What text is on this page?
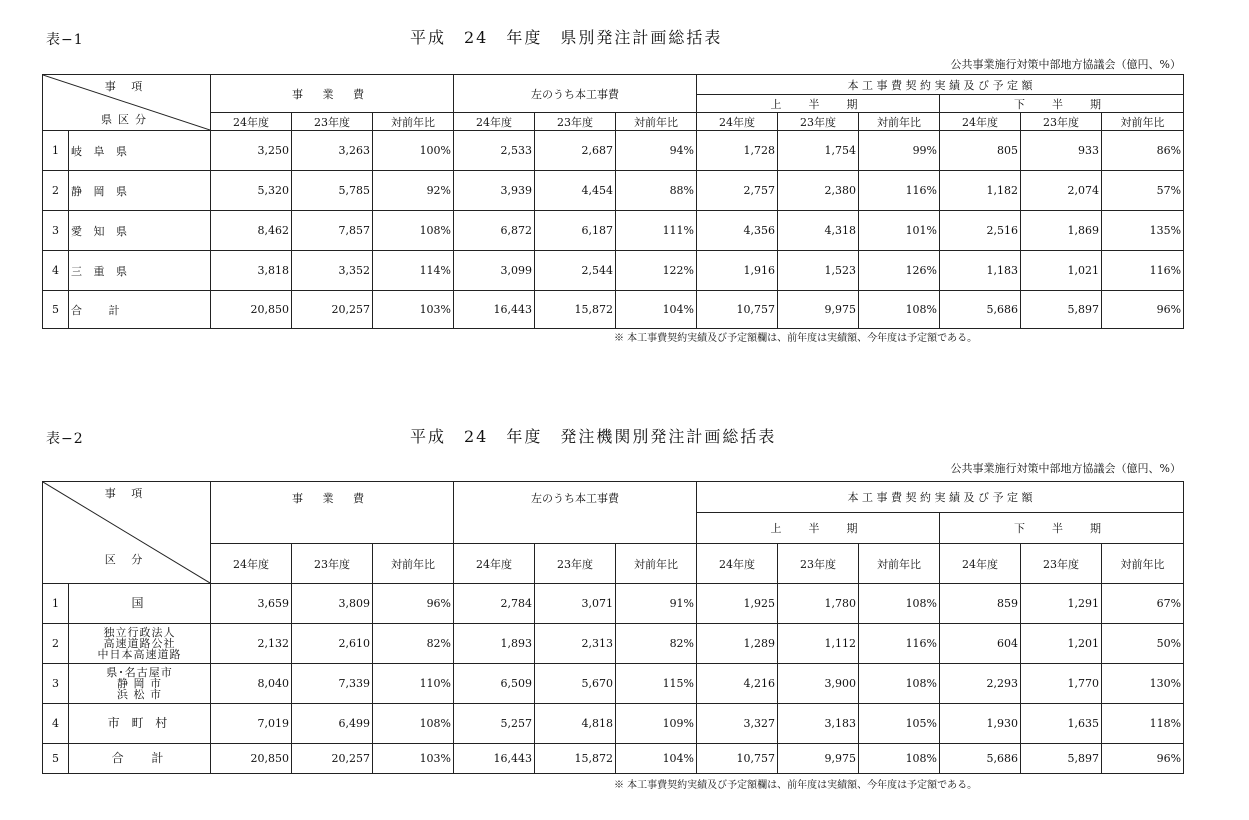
表−1	平成　24　年度　県別発注計画総括表
公共事業施行対策中部地方協議会（億円、%）
事 項
県区分		事 業 費			左のうち本工事費			本 工 事 費 契 約 実 績 及 び 予 定 額					
								上　半　期			下　半　期		
		24年度	23年度	対前年比	24年度	23年度	対前年比	24年度	23年度	対前年比	24年度	23年度	対前年比
1	岐 阜 県	3,250	3,263	100%	2,533	2,687	94%	1,728	1,754	99%	805	933	86%
2	静 岡 県	5,320	5,785	92%	3,939	4,454	88%	2,757	2,380	116%	1,182	2,074	57%
3	愛 知 県	8,462	7,857	108%	6,872	6,187	111%	4,356	4,318	101%	2,516	1,869	135%
4	三 重 県	3,818	3,352	114%	3,099	2,544	122%	1,916	1,523	126%	1,183	1,021	116%
5	合　 計	20,850	20,257	103%	16,443	15,872	104%	10,757	9,975	108%	5,686	5,897	96%
※ 本工事費契約実績及び予定額欄は、前年度は実績額、今年度は予定額である。
表−2	平成　24　年度　発注機関別発注計画総括表
公共事業施行対策中部地方協議会（億円、%）
事 項
区 分		事 業 費			左のうち本工事費			本 工 事 費 契 約 実 績 及 び 予 定 額					
								上　半　期			下　半　期		
		24年度	23年度	対前年比	24年度	23年度	対前年比	24年度	23年度	対前年比	24年度	23年度	対前年比
1	国	3,659	3,809	96%	2,784	3,071	91%	1,925	1,780	108%	859	1,291	67%
2	独立行政法人
高速道路公社
中日本高速道路	2,132	2,610	82%	1,893	2,313	82%	1,289	1,112	116%	604	1,201	50%
3	県･名古屋市
静 岡 市
浜 松 市	8,040	7,339	110%	6,509	5,670	115%	4,216	3,900	108%	2,293	1,770	130%
4	市 町 村	7,019	6,499	108%	5,257	4,818	109%	3,327	3,183	105%	1,930	1,635	118%
5	合　 計	20,850	20,257	103%	16,443	15,872	104%	10,757	9,975	108%	5,686	5,897	96%
※ 本工事費契約実績及び予定額欄は、前年度は実績額、今年度は予定額である。
